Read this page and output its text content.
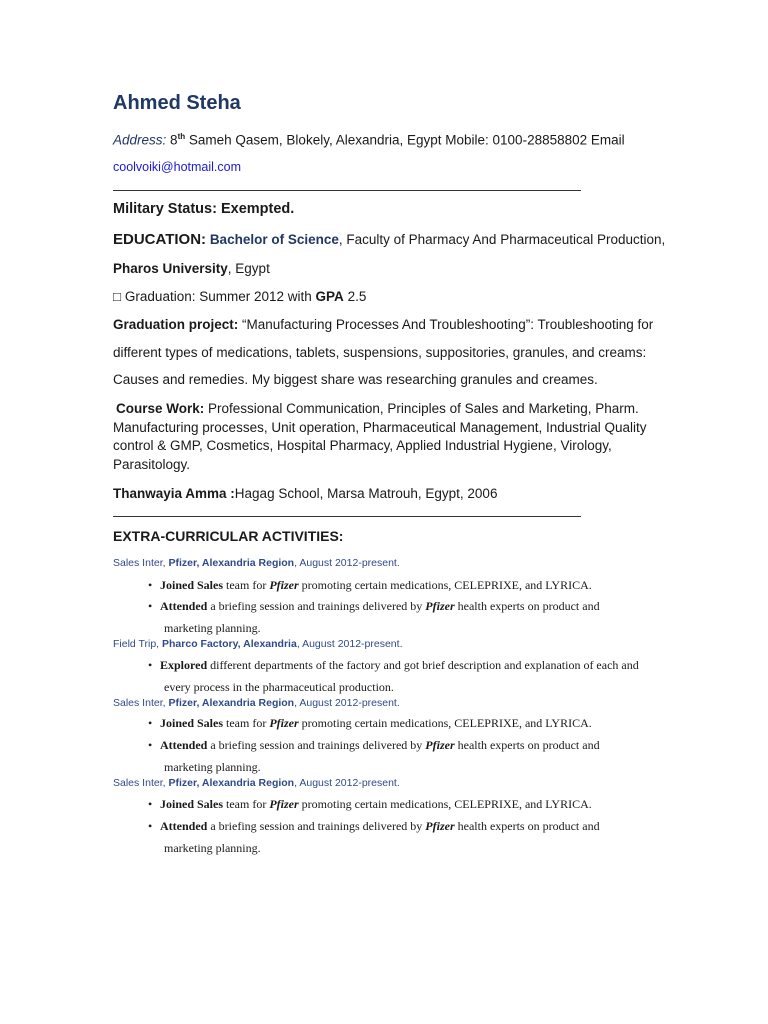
Ahmed Steha
Address: 8th Sameh Qasem, Blokely, Alexandria, Egypt Mobile: 0100-28858802 Email
coolvoiki@hotmail.com
Military Status: Exempted.
EDUCATION: Bachelor of Science, Faculty of Pharmacy And Pharmaceutical Production,
Pharos University, Egypt
□ Graduation: Summer 2012 with GPA 2.5
Graduation project: “Manufacturing Processes And Troubleshooting”: Troubleshooting for
different types of medications, tablets, suspensions, suppositories, granules, and creams:
Causes and remedies. My biggest share was researching granules and creames.
Course Work: Professional Communication, Principles of Sales and Marketing, Pharm. Manufacturing processes, Unit operation, Pharmaceutical Management, Industrial Quality control & GMP, Cosmetics, Hospital Pharmacy, Applied Industrial Hygiene, Virology, Parasitology.
Thanwayia Amma :Hagag School, Marsa Matrouh, Egypt, 2006
EXTRA-CURRICULAR ACTIVITIES:
Sales Inter, Pfizer, Alexandria Region, August 2012-present.
• Joined Sales team for Pfizer promoting certain medications, CELEPRIXE, and LYRICA.
• Attended a briefing session and trainings delivered by Pfizer health experts on product and
marketing planning.
Field Trip, Pharco Factory, Alexandria, August 2012-present.
• Explored different departments of the factory and got brief description and explanation of each and
every process in the pharmaceutical production.
Sales Inter, Pfizer, Alexandria Region, August 2012-present.
• Joined Sales team for Pfizer promoting certain medications, CELEPRIXE, and LYRICA.
• Attended a briefing session and trainings delivered by Pfizer health experts on product and
marketing planning.
Sales Inter, Pfizer, Alexandria Region, August 2012-present.
• Joined Sales team for Pfizer promoting certain medications, CELEPRIXE, and LYRICA.
• Attended a briefing session and trainings delivered by Pfizer health experts on product and
marketing planning.
